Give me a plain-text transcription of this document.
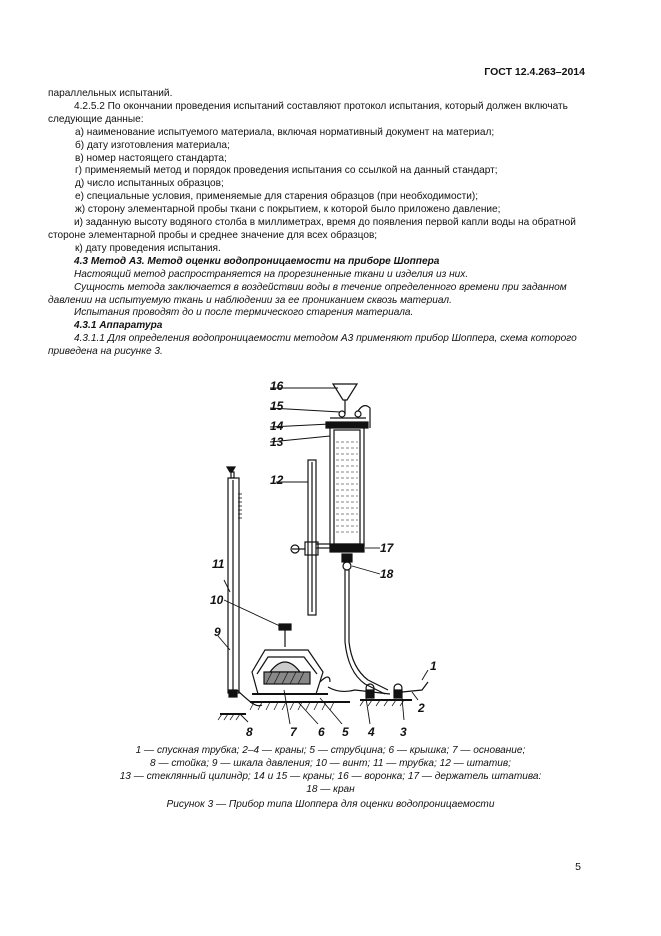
ГОСТ 12.4.263–2014

параллельных испытаний.

4.2.5.2 По окончании проведения испытаний составляют протокол испытания, который должен включать следующие данные:

а) наименование испытуемого материала, включая нормативный документ на материал;

б) дату изготовления материала;

в) номер настоящего стандарта;

г) применяемый метод и порядок проведения испытания со ссылкой на данный стандарт;

д) число испытанных образцов;

е) специальные условия, применяемые для старения образцов (при необходимости);

ж) сторону элементарной пробы ткани с покрытием, к которой было приложено давление;

и) заданную высоту водяного столба в миллиметрах, время до появления первой капли воды на обратной стороне элементарной пробы и среднее значение для всех образцов;

к) дату проведения испытания.

4.3 Метод А3. Метод оценки водопроницаемости на приборе Шоппера

Настоящий метод распространяется на прорезиненные ткани и изделия из них.

Сущность метода заключается в воздействии воды в течение определенного времени при заданном давлении на испытуемую ткань и наблюдении за ее прониканием сквозь материал.

Испытания проводят до и после термического старения материала.

4.3.1 Аппаратура

4.3.1.1 Для определения водопроницаемости методом А3 применяют прибор Шоппера, схема которого приведена на рисунке 3.

1
2
3
4
5
6
7
8
9
10
11
12
13
14
15
16
17
18

1 — спускная трубка; 2–4 — краны; 5 — струбцина; 6 — крышка; 7 — основание;

8 — стойка; 9 — шкала давления; 10 — винт; 11 — трубка; 12 — штатив;

13 — стеклянный цилиндр; 14 и 15 — краны; 16 — воронка; 17 — держатель штатива:

18 — кран

Рисунок 3 — Прибор типа Шоппера для оценки водопроницаемости

5
